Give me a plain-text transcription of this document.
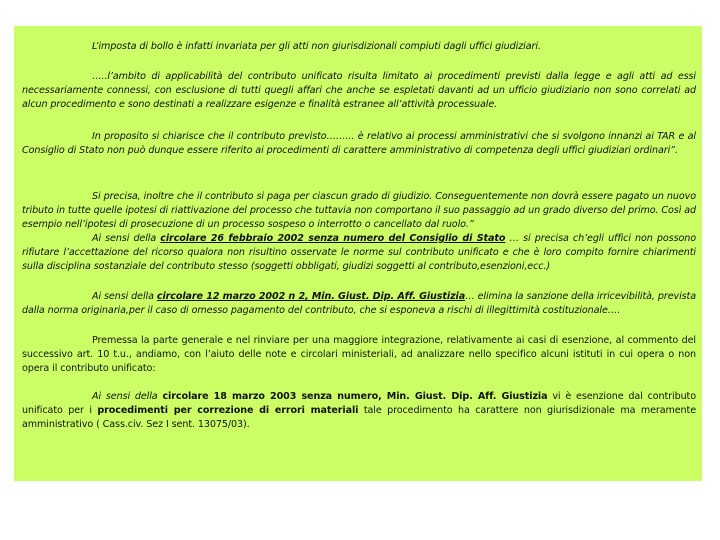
L’imposta di bollo è infatti invariata per gli atti non giurisdizionali compiuti dagli uffici giudiziari.
…..l’ambito di applicabilità del contributo unificato risulta limitato ai procedimenti previsti dalla legge e agli atti ad essi necessariamente connessi, con esclusione di tutti quegli affari che anche se espletati davanti ad un ufficio giudiziario non sono correlati ad alcun procedimento e sono destinati a realizzare esigenze e finalità estranee all’attività processuale.
In proposito si chiarisce che il contributo previsto……... è relativo ai processi amministrativi che si svolgono innanzi ai TAR e al Consiglio di Stato non può dunque essere riferito ai procedimenti di carattere amministrativo di competenza degli uffici giudiziari ordinari”.
Si precisa, inoltre che il contributo si paga per ciascun grado di giudizio. Conseguentemente non dovrà essere pagato un nuovo tributo in tutte quelle ipotesi di riattivazione del processo che tuttavia non comportano il suo passaggio ad un grado diverso del primo. Così ad esempio nell’ipotesi di prosecuzione di un processo sospeso o interrotto o cancellato dal ruolo.”
Ai sensi della circolare 26 febbraio 2002 senza numero del Consiglio di Stato … si precisa ch’egli uffici non possono rifiutare l’accettazione del ricorso qualora non risultino osservate le norme sul contributo unificato e che è loro compito fornire chiarimenti sulla disciplina sostanziale del contributo stesso (soggetti obbligati, giudizi soggetti al contributo,esenzioni,ecc.)
Ai sensi della circolare 12 marzo 2002 n 2, Min. Giust. Dip. Aff. Giustizia… elimina la sanzione della irricevibilità, prevista dalla norma originaria,per il caso di omesso pagamento del contributo, che si esponeva a rischi di illegittimità costituzionale….
Premessa la parte generale e nel rinviare per una maggiore integrazione, relativamente ai casi di esenzione, al commento del successivo art. 10 t.u., andiamo, con l’aiuto delle note e circolari ministeriali, ad analizzare nello specifico alcuni istituti in cui opera o non opera il contributo unificato:
Ai sensi della circolare 18 marzo 2003 senza numero, Min. Giust. Dip. Aff. Giustizia vi è esenzione dal contributo unificato per i procedimenti per correzione di errori materiali tale procedimento ha carattere non giurisdizionale ma meramente amministrativo ( Cass.civ. Sez I sent. 13075/03).
